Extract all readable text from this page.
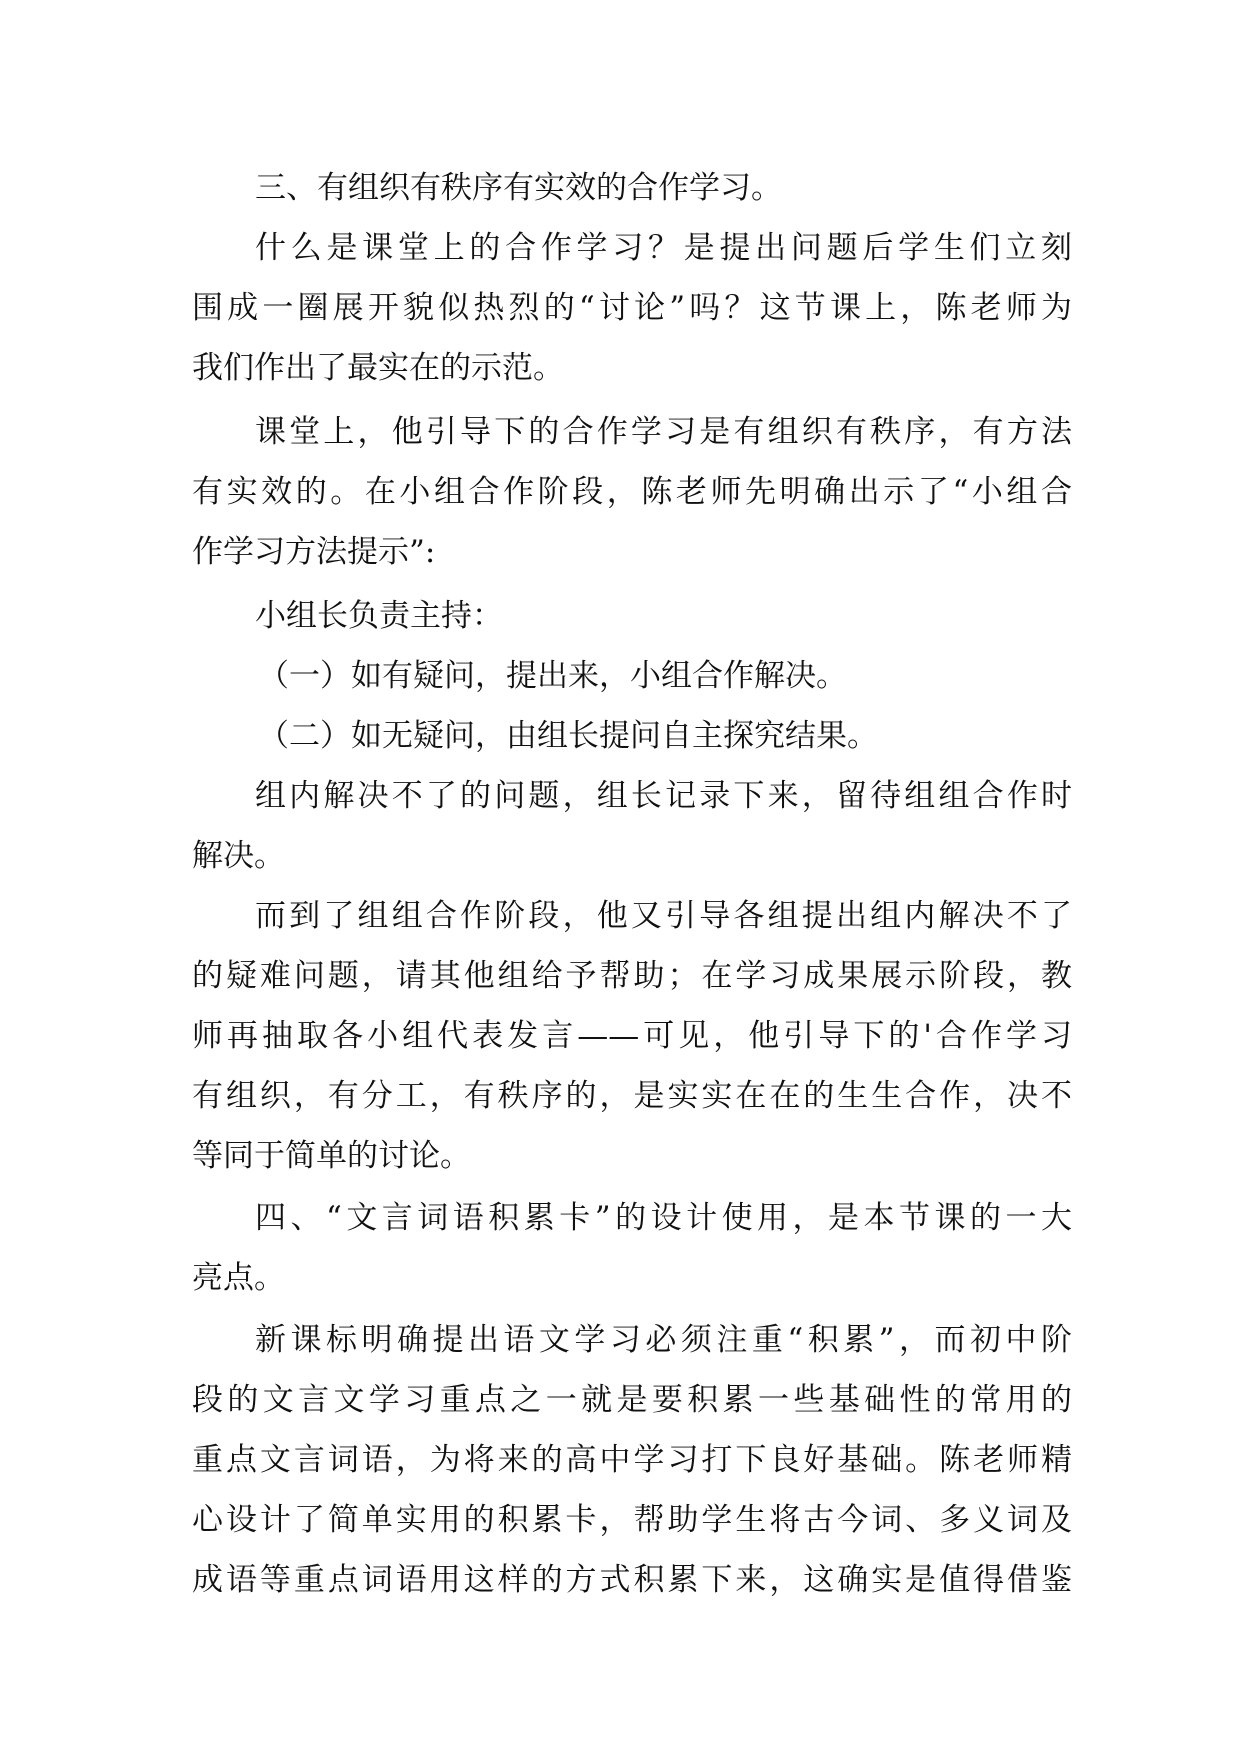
三、有组织有秩序有实效的合作学习。
什么是课堂上的合作学习？是提出问题后学生们立刻
围成一圈展开貌似热烈的“讨论”吗？这节课上，陈老师为
我们作出了最实在的示范。
课堂上，他引导下的合作学习是有组织有秩序，有方法
有实效的。在小组合作阶段，陈老师先明确出示了“小组合
作学习方法提示”:
小组长负责主持：
（一）如有疑问，提出来，小组合作解决。
（二）如无疑问，由组长提问自主探究结果。
组内解决不了的问题，组长记录下来，留待组组合作时
解决。
而到了组组合作阶段，他又引导各组提出组内解决不了
的疑难问题，请其他组给予帮助；在学习成果展示阶段，教
师再抽取各小组代表发言——可见，他引导下的'合作学习
有组织，有分工，有秩序的，是实实在在的生生合作，决不
等同于简单的讨论。
四、“文言词语积累卡”的设计使用，是本节课的一大
亮点。
新课标明确提出语文学习必须注重“积累”，而初中阶
段的文言文学习重点之一就是要积累一些基础性的常用的
重点文言词语，为将来的高中学习打下良好基础。陈老师精
心设计了简单实用的积累卡，帮助学生将古今词、多义词及
成语等重点词语用这样的方式积累下来，这确实是值得借鉴
